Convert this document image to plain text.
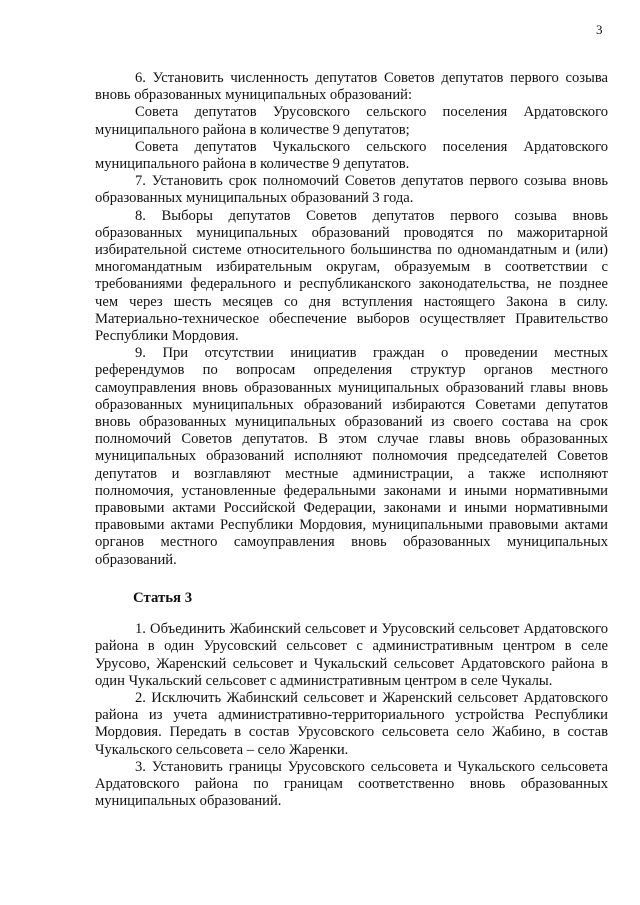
3

6. Установить численность депутатов Советов депутатов первого созыва вновь образованных муниципальных образований:

Совета депутатов Урусовского сельского поселения Ардатовского муниципального района в количестве 9 депутатов;

Совета депутатов Чукальского сельского поселения Ардатовского муниципального района в количестве 9 депутатов.

7. Установить срок полномочий Советов депутатов первого созыва вновь образованных муниципальных образований 3 года.

8. Выборы депутатов Советов депутатов первого созыва вновь образованных муниципальных образований проводятся по мажоритарной избирательной системе относительного большинства по одномандатным и (или) многомандатным избирательным округам, образуемым в соответствии с требованиями федерального и республиканского законодательства, не позднее чем через шесть месяцев со дня вступления настоящего Закона в силу. Материально-техническое обеспечение выборов осуществляет Правительство Республики Мордовия.

9. При отсутствии инициатив граждан о проведении местных референдумов по вопросам определения структур органов местного самоуправления вновь образованных муниципальных образований главы вновь образованных муниципальных образований избираются Советами депутатов вновь образованных муниципальных образований из своего состава на срок полномочий Советов депутатов. В этом случае главы вновь образованных муниципальных образований исполняют полномочия председателей Советов депутатов и возглавляют местные администрации, а также исполняют полномочия, установленные федеральными законами и иными нормативными правовыми актами Российской Федерации, законами и иными нормативными правовыми актами Республики Мордовия, муниципальными правовыми актами органов местного самоуправления вновь образованных муниципальных образований.

Статья 3

1. Объединить Жабинский сельсовет и Урусовский сельсовет Ардатовского района в один Урусовский сельсовет с административным центром в селе Урусово, Жаренский сельсовет и Чукальский сельсовет Ардатовского района в один Чукальский сельсовет с административным центром в селе Чукалы.

2. Исключить Жабинский сельсовет и Жаренский сельсовет Ардатовского района из учета административно-территориального устройства Республики Мордовия. Передать в состав Урусовского сельсовета село Жабино, в состав Чукальского сельсовета – село Жаренки.

3. Установить границы Урусовского сельсовета и Чукальского сельсовета Ардатовского района по границам соответственно вновь образованных муниципальных образований.
